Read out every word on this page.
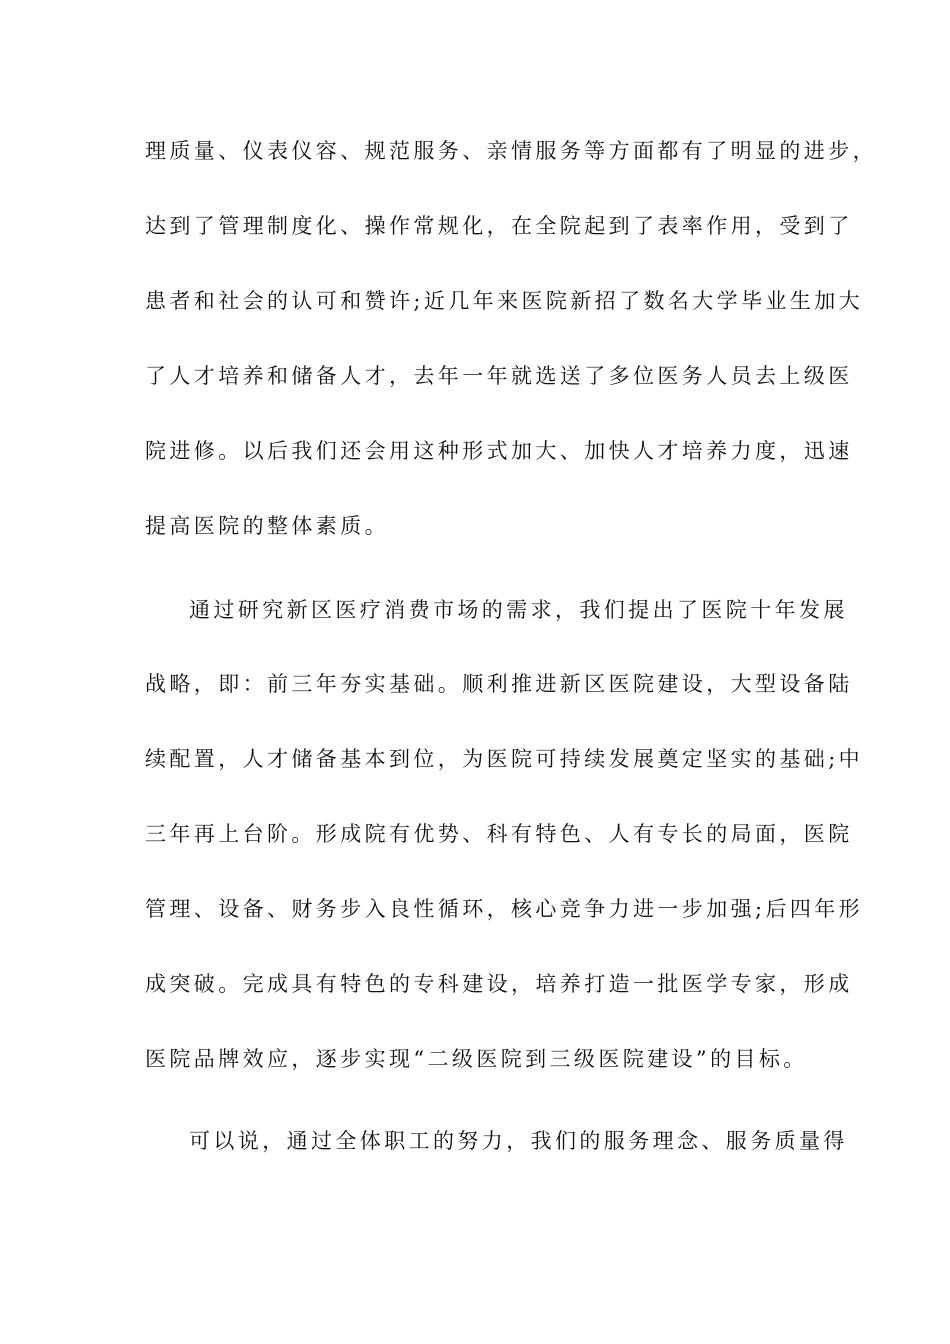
理质量、仪表仪容、规范服务、亲情服务等方面都有了明显的进步，
达到了管理制度化、操作常规化，在全院起到了表率作用，受到了
患者和社会的认可和赞许;近几年来医院新招了数名大学毕业生加大
了人才培养和储备人才，去年一年就选送了多位医务人员去上级医
院进修。以后我们还会用这种形式加大、加快人才培养力度，迅速
提高医院的整体素质。
通过研究新区医疗消费市场的需求，我们提出了医院十年发展
战略，即：前三年夯实基础。顺利推进新区医院建设，大型设备陆
续配置，人才储备基本到位，为医院可持续发展奠定坚实的基础;中
三年再上台阶。形成院有优势、科有特色、人有专长的局面，医院
管理、设备、财务步入良性循环，核心竞争力进一步加强;后四年形
成突破。完成具有特色的专科建设，培养打造一批医学专家，形成
医院品牌效应，逐步实现“二级医院到三级医院建设”的目标。
可以说，通过全体职工的努力，我们的服务理念、服务质量得
